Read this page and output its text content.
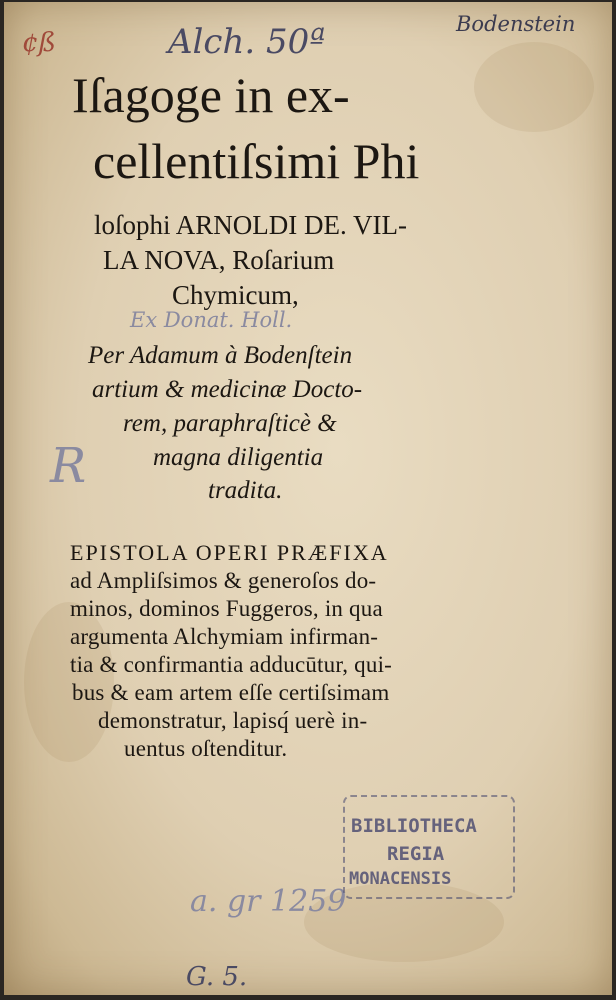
¢ß	Alch. 50ª	Bodenstein
Ex Donat. Holl.
R
a. gr 1259
G. 5.
Iſagoge in ex-
cellentiſsimi Phi
loſophi ARNOLDI DE. VIL-
LA NOVA, Roſarium
Chymicum,
Per Adamum à Bodenſtein
artium & medicinæ Docto-
rem, paraphraſticè &
magna diligentia
tradita.
EPISTOLA OPERI PRÆFIXA
ad Ampliſsimos & generoſos do-
minos, dominos Fuggeros, in qua
argumenta Alchymiam infirman-
tia & confirmantia adducūtur, qui-
bus & eam artem eſſe certiſsimam
demonstratur, lapisq́ uerè in-
uentus oſtenditur.
BIBLIOTHECA
REGIA
MONACENSIS
